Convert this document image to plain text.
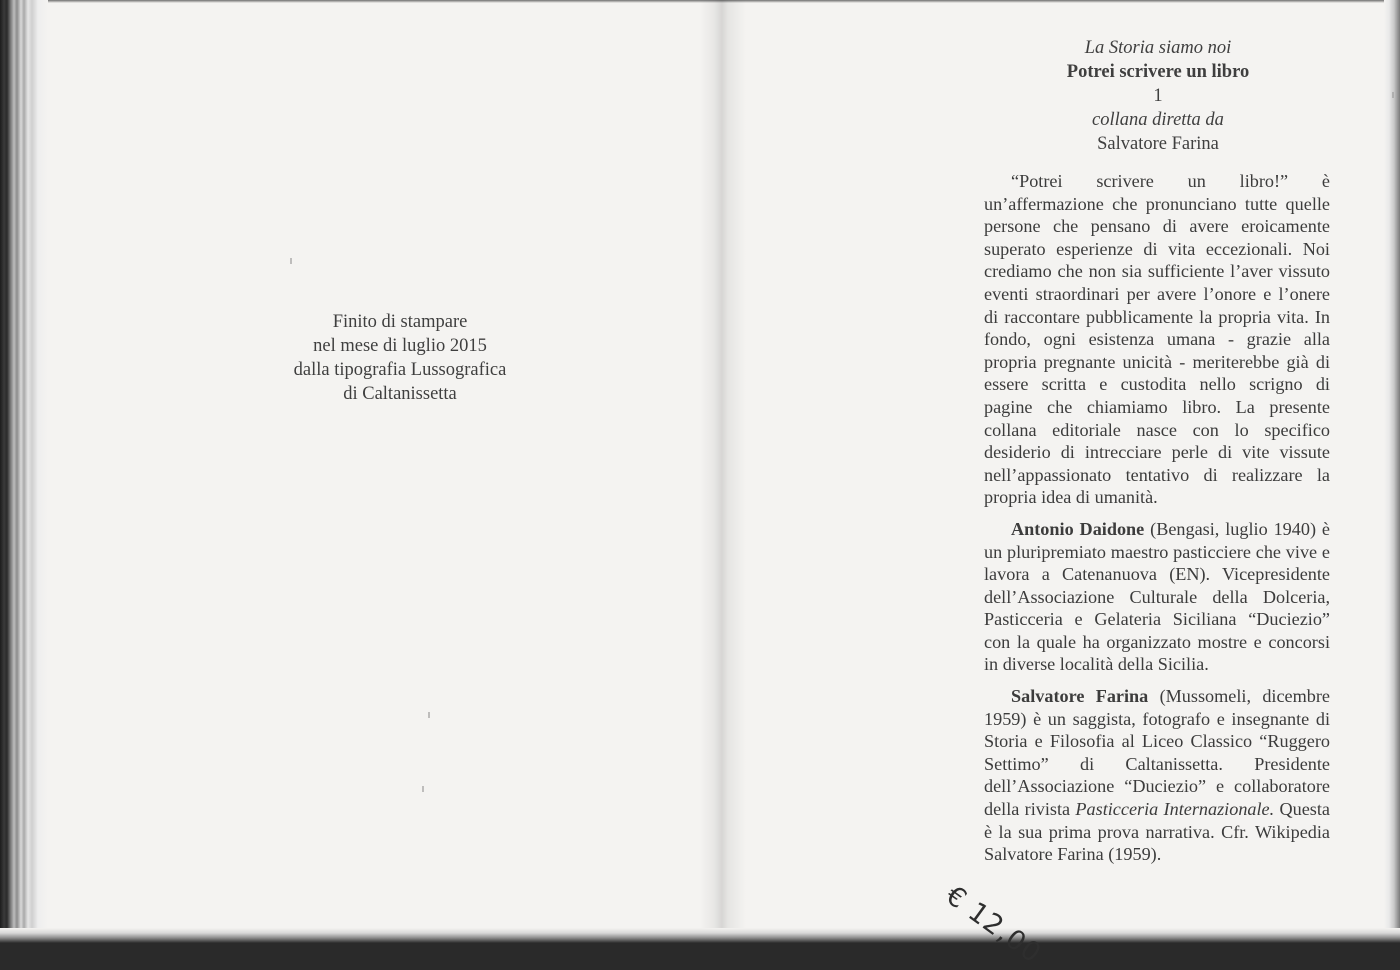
Finito di stampare
nel mese di luglio 2015
dalla tipografia Lussografica
di Caltanissetta
La Storia siamo noi
Potrei scrivere un libro
1
collana diretta da
Salvatore Farina

“Potrei scrivere un libro!” è un’affermazione che pronunciano tutte quelle persone che pensano di avere eroicamente superato esperienze di vita eccezionali. Noi crediamo che non sia sufficiente l’aver vissuto eventi straordinari per avere l’onore e l’onere di raccontare pubblicamente la propria vita. In fondo, ogni esistenza umana - grazie alla propria pregnante unicità - meriterebbe già di essere scritta e custodita nello scrigno di pagine che chiamiamo libro. La presente collana editoriale nasce con lo specifico desiderio di intrecciare perle di vite vissute nell’appassionato tentativo di realizzare la propria idea di umanità.

Antonio Daidone (Bengasi, luglio 1940) è un pluripremiato maestro pasticciere che vive e lavora a Catenanuova (EN). Vicepresidente dell’Associazione Culturale della Dolceria, Pasticceria e Gelateria Siciliana “Duciezio” con la quale ha organizzato mostre e concorsi in diverse località della Sicilia.

Salvatore Farina (Mussomeli, dicembre 1959) è un saggista, fotografo e insegnante di Storia e Filosofia al Liceo Classico “Ruggero Settimo” di Caltanissetta. Presidente dell’Associazione “Duciezio” e collaboratore della rivista Pasticceria Internazionale. Questa è la sua prima prova narrativa. Cfr. Wikipedia Salvatore Farina (1959).

€ 12,00
